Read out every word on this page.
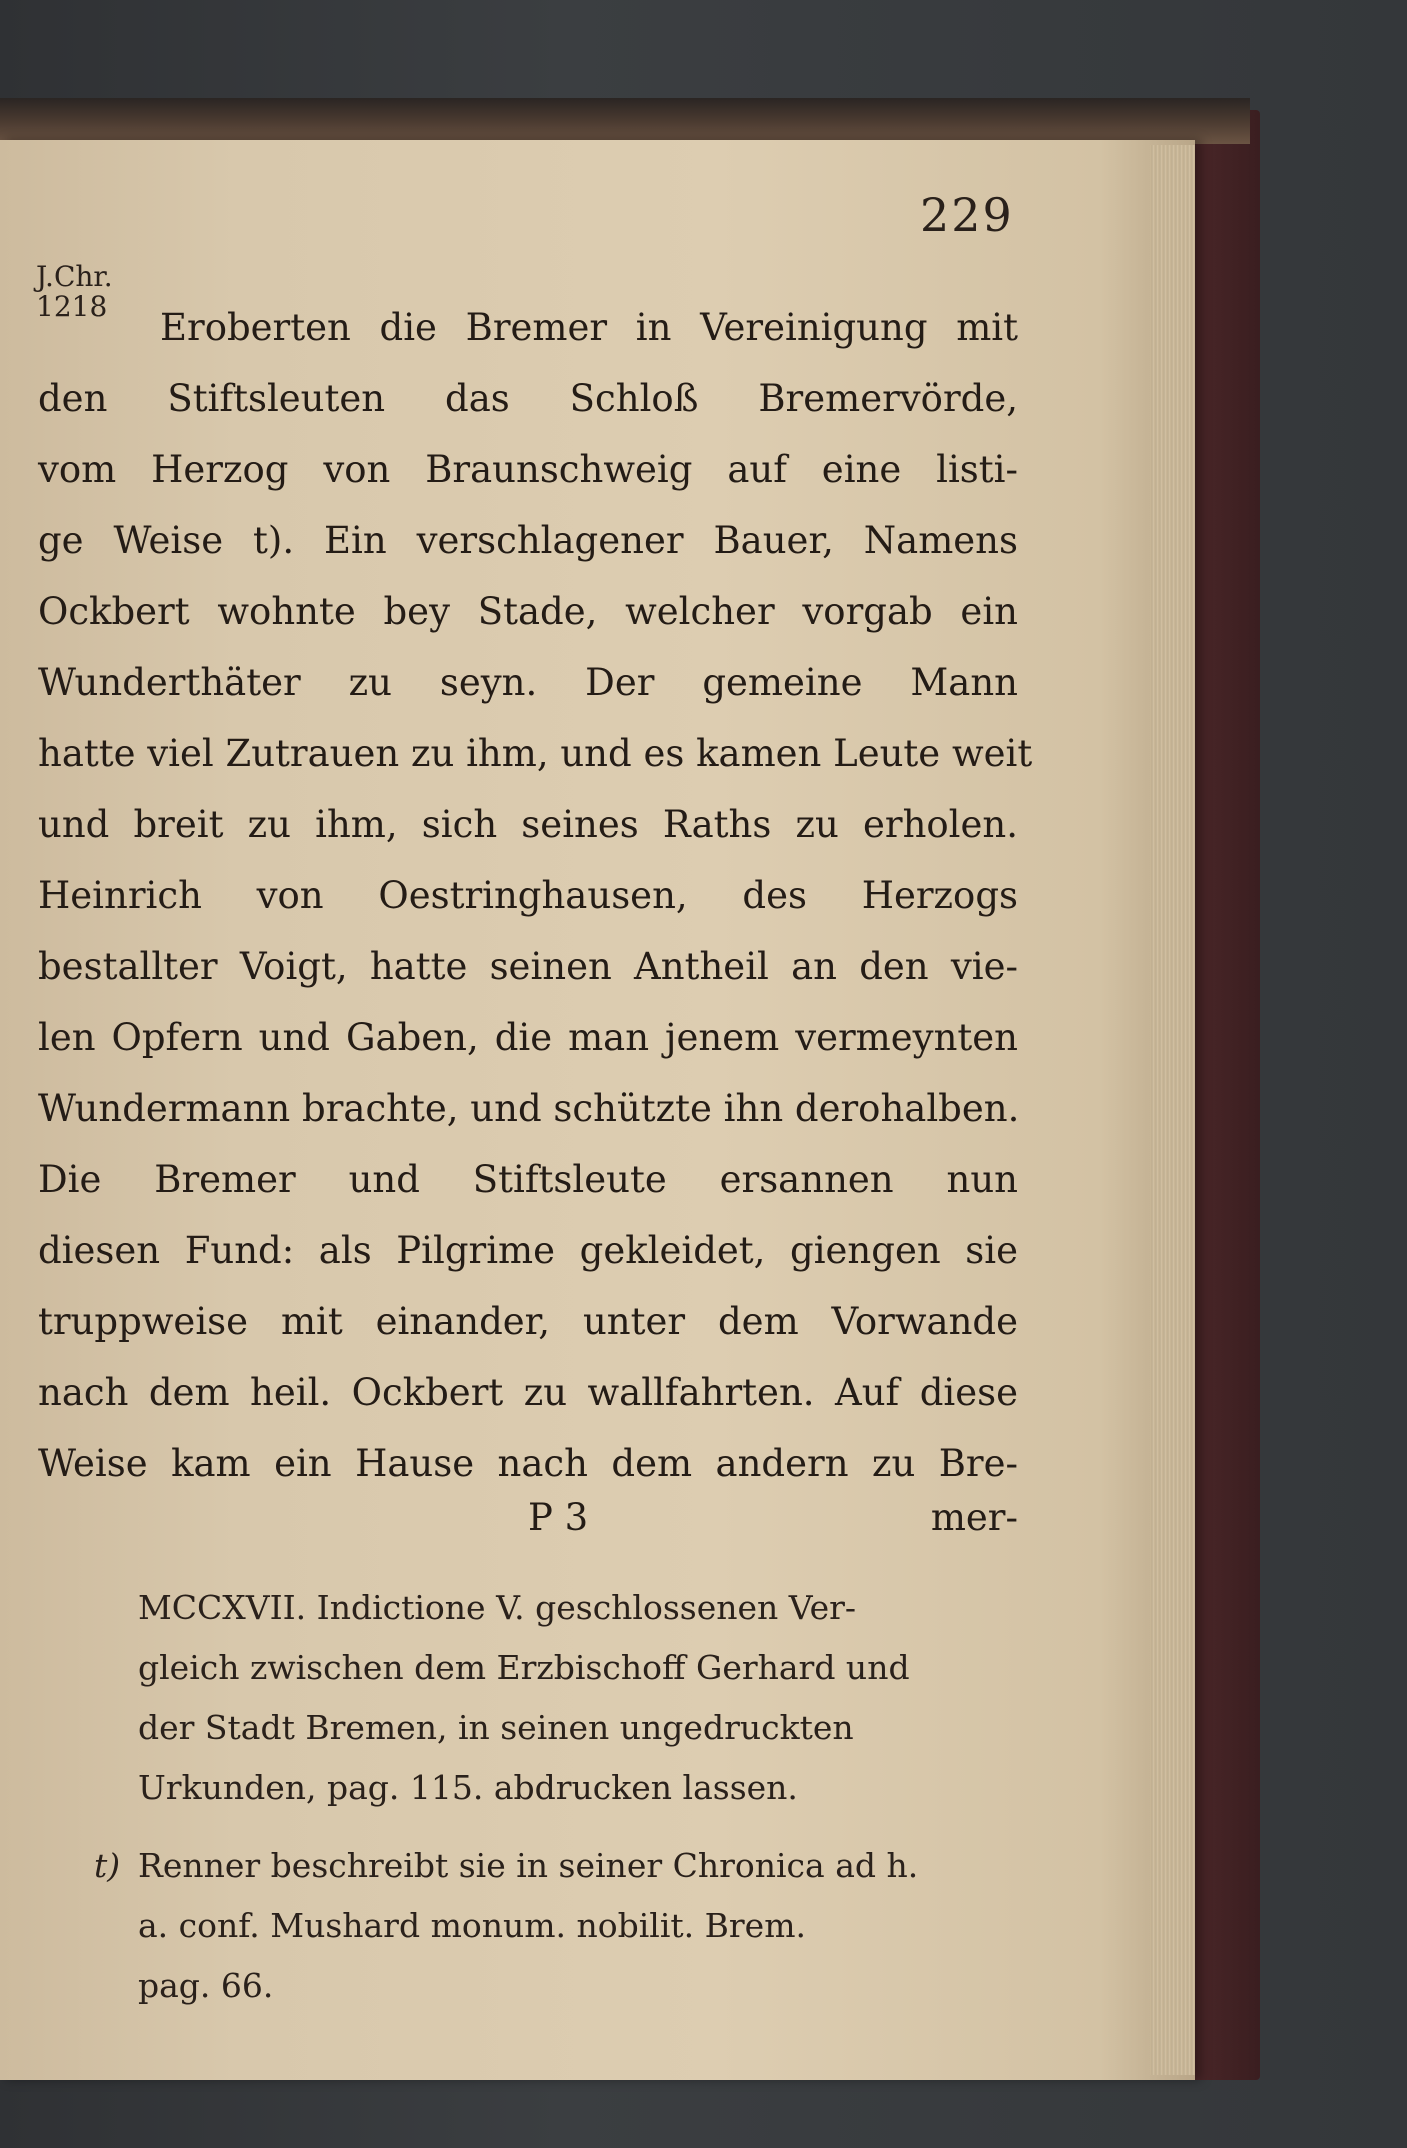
229
J.Chr.
1218	Eroberten die Bremer in Vereinigung mit
den Stiftsleuten das Schloß Bremervörde,
vom Herzog von Braunschweig auf eine listi-
ge Weise t). Ein verschlagener Bauer, Namens
Ockbert wohnte bey Stade, welcher vorgab ein
Wunderthäter zu seyn. Der gemeine Mann
hatte viel Zutrauen zu ihm, und es kamen Leute weit
und breit zu ihm, sich seines Raths zu erholen.
Heinrich von Oestringhausen, des Herzogs
bestallter Voigt, hatte seinen Antheil an den vie-
len Opfern und Gaben, die man jenem vermeynten
Wundermann brachte, und schützte ihn derohalben.
Die Bremer und Stiftsleute ersannen nun
diesen Fund: als Pilgrime gekleidet, giengen sie
truppweise mit einander, unter dem Vorwande
nach dem heil. Ockbert zu wallfahrten. Auf diese
Weise kam ein Hause nach dem andern zu Bre-
P 3	mer-
MCCXVII. Indictione V. geschlossenen Ver-
gleich zwischen dem Erzbischoff Gerhard und
der Stadt Bremen, in seinen ungedruckten
Urkunden, pag. 115. abdrucken lassen.
Renner beschreibt sie in seiner Chronica ad h.
a. conf. Mushard monum. nobilit. Brem.
pag. 66.
